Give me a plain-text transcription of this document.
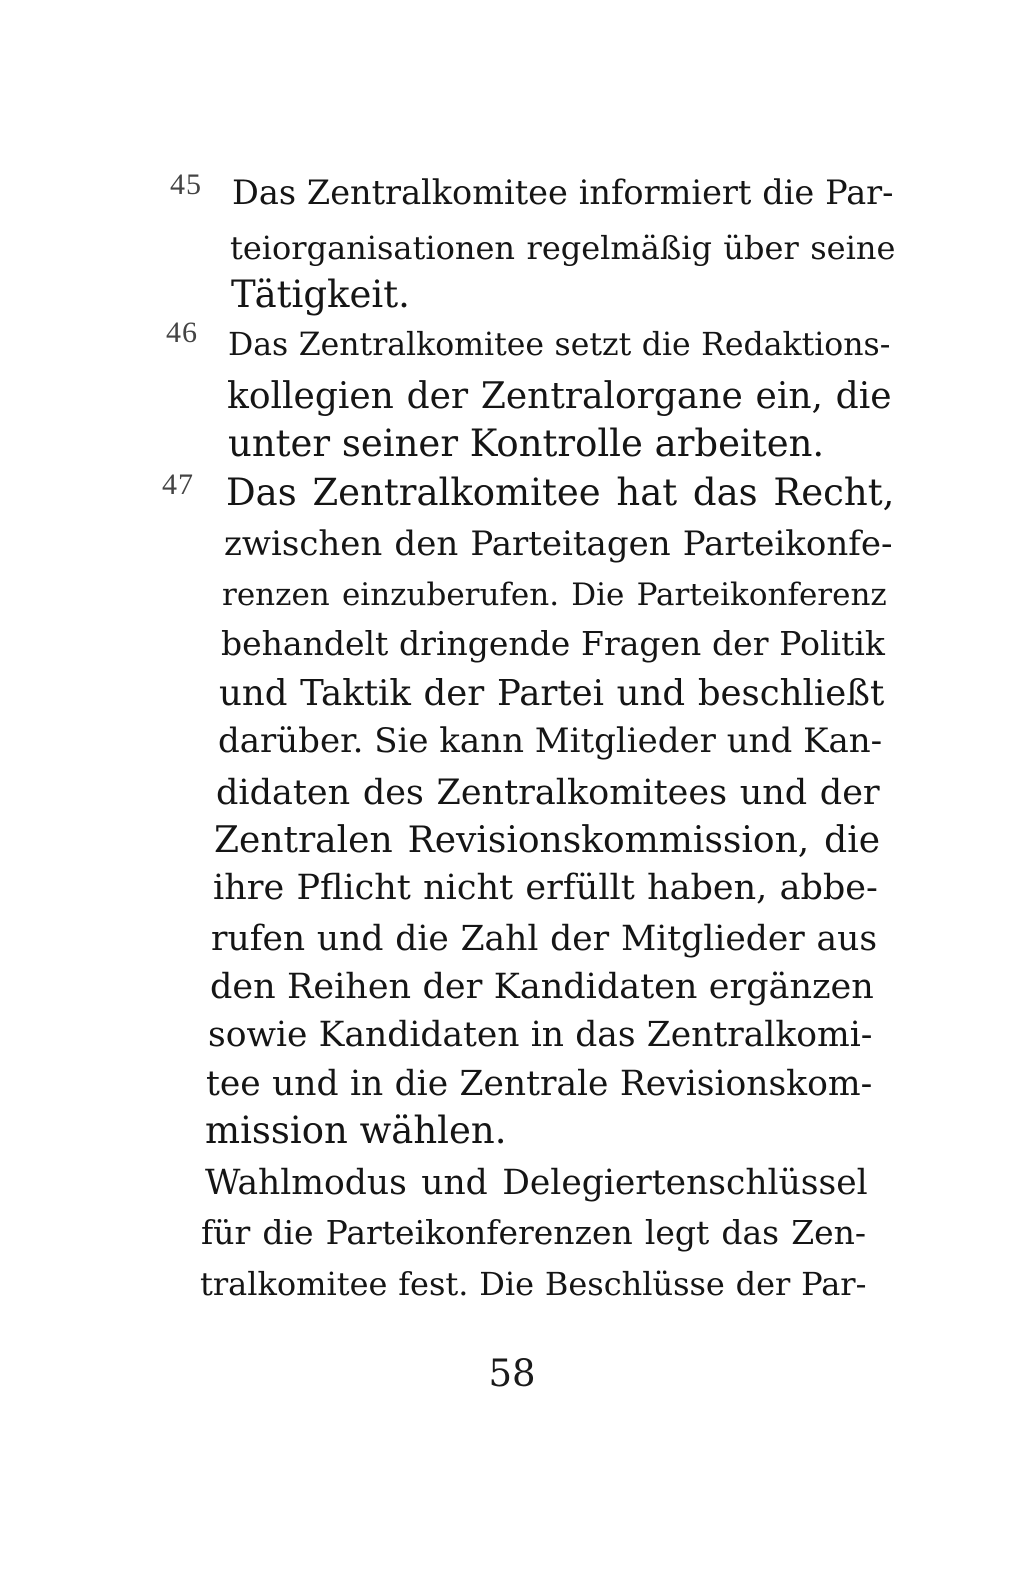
45 Das Zentralkomitee informiert die Par-
teiorganisationen regelmäßig über seine
Tätigkeit.
46 Das Zentralkomitee setzt die Redaktions-
kollegien der Zentralorgane ein, die
unter seiner Kontrolle arbeiten.
47 Das Zentralkomitee hat das Recht,
zwischen den Parteitagen Parteikonfe-
renzen einzuberufen. Die Parteikonferenz
behandelt dringende Fragen der Politik
und Taktik der Partei und beschließt
darüber. Sie kann Mitglieder und Kan-
didaten des Zentralkomitees und der
Zentralen Revisionskommission, die
ihre Pflicht nicht erfüllt haben, abbe-
rufen und die Zahl der Mitglieder aus
den Reihen der Kandidaten ergänzen
sowie Kandidaten in das Zentralkomi-
tee und in die Zentrale Revisionskom-
mission wählen.
Wahlmodus und Delegiertenschlüssel
für die Parteikonferenzen legt das Zen-
tralkomitee fest. Die Beschlüsse der Par-
58
